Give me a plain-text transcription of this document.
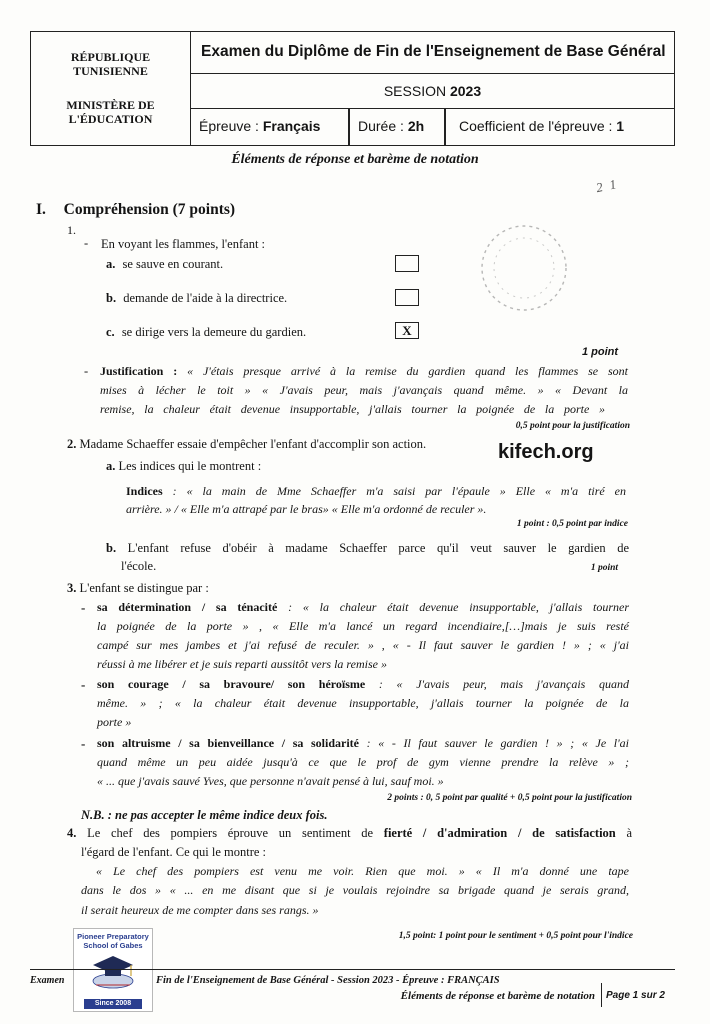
RÉPUBLIQUE
TUNISIENNE
MINISTÈRE DE
L'ÉDUCATION
Examen du Diplôme de Fin de l'Enseignement de Base Général
SESSION 2023
Épreuve : Français	Durée : 2h Coefficient de l'épreuve : 1
Éléments de réponse et barème de notation
2 1
I. Compréhension (7 points)
1.
- En voyant les flammes, l'enfant :
a. se sauve en courant.
b. demande de l'aide à la directrice.
c. se dirige vers la demeure du gardien.	X
1 point
- Justification : « J'étais presque arrivé à la remise du gardien quand les flammes se sont
mises à lécher le toit » « J'avais peur, mais j'avançais quand même. » « Devant la
remise, la chaleur était devenue insupportable, j'allais tourner la poignée de la porte »
0,5 point pour la justification
2. Madame Schaeffer essaie d'empêcher l'enfant d'accomplir son action.	kifech.org
a. Les indices qui le montrent :
Indices : « la main de Mme Schaeffer m'a saisi par l'épaule » Elle « m'a tiré en
arrière. » / « Elle m'a attrapé par le bras» « Elle m'a ordonné de reculer ».
1 point : 0,5 point par indice
b. L'enfant refuse d'obéir à madame Schaeffer parce qu'il veut sauver le gardien de
l'école.	1 point
3. L'enfant se distingue par :
- sa détermination / sa ténacité : « la chaleur était devenue insupportable, j'allais tourner
la poignée de la porte » , « Elle m'a lancé un regard incendiaire,[…]mais je suis resté
campé sur mes jambes et j'ai refusé de reculer. » , « - Il faut sauver le gardien ! » ; « j'ai
réussi à me libérer et je suis reparti aussitôt vers la remise »
- son courage / sa bravoure/ son héroïsme : « J'avais peur, mais j'avançais quand
même. » ; « la chaleur était devenue insupportable, j'allais tourner la poignée de la
porte »
- son altruisme / sa bienveillance / sa solidarité : « - Il faut sauver le gardien ! » ; « Je l'ai
quand même un peu aidée jusqu'à ce que le prof de gym vienne prendre la relève » ;
« ... que j'avais sauvé Yves, que personne n'avait pensé à lui, sauf moi. »
2 points : 0, 5 point par qualité + 0,5 point pour la justification
N.B. : ne pas accepter le même indice deux fois.
4. Le chef des pompiers éprouve un sentiment de fierté / d'admiration / de satisfaction à
l'égard de l'enfant. Ce qui le montre :
« Le chef des pompiers est venu me voir. Rien que moi. » « Il m'a donné une tape
dans le dos » « ... en me disant que si je voulais rejoindre sa brigade quand je serais grand,
il serait heureux de me compter dans ses rangs. »
1,5 point: 1 point pour le sentiment + 0,5 point pour l'indice
Pioneer Preparatory
School of Gabes
Since 2008
Examen	Fin de l'Enseignement de Base Général - Session 2023 - Épreuve : FRANÇAIS
Éléments de réponse et barème de notation Page 1 sur 2
